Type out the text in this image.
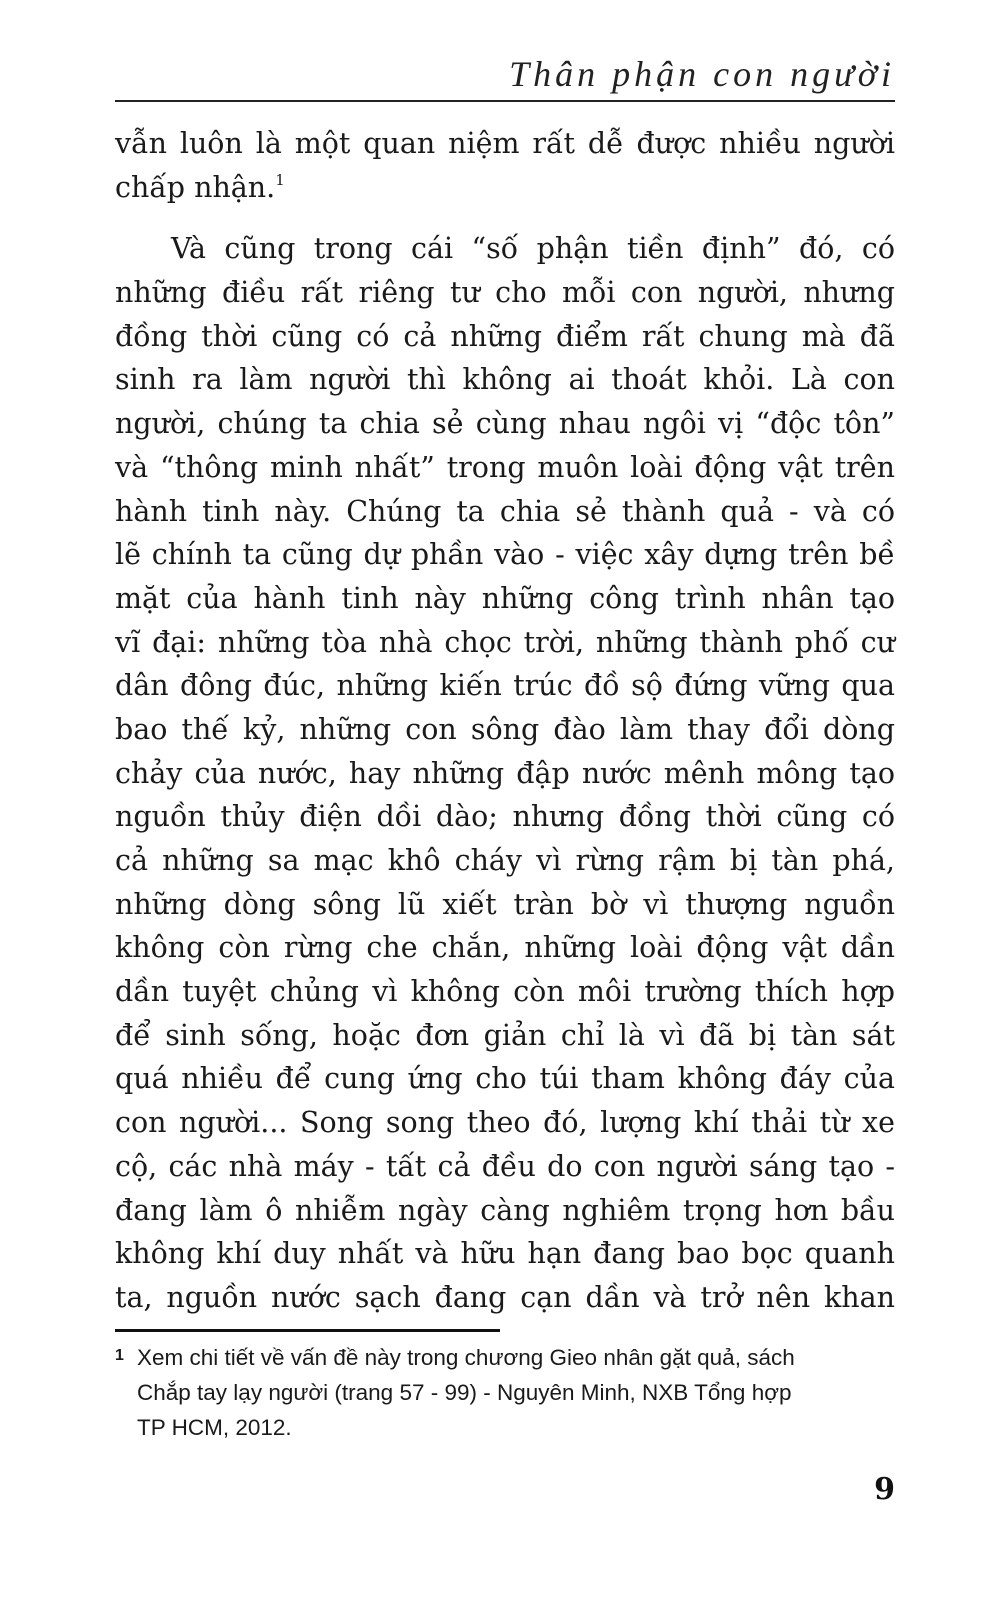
Thân phận con người
vẫn luôn là một quan niệm rất dễ được nhiều người
chấp nhận.$^1$
Và cũng trong cái “số phận tiền định” đó, có
những điều rất riêng tư cho mỗi con người, nhưng
đồng thời cũng có cả những điểm rất chung mà đã
sinh ra làm người thì không ai thoát khỏi. Là con
người, chúng ta chia sẻ cùng nhau ngôi vị “độc tôn”
và “thông minh nhất” trong muôn loài động vật trên
hành tinh này. Chúng ta chia sẻ thành quả - và có
lẽ chính ta cũng dự phần vào - việc xây dựng trên bề
mặt của hành tinh này những công trình nhân tạo
vĩ đại: những tòa nhà chọc trời, những thành phố cư
dân đông đúc, những kiến trúc đồ sộ đứng vững qua
bao thế kỷ, những con sông đào làm thay đổi dòng
chảy của nước, hay những đập nước mênh mông tạo
nguồn thủy điện dồi dào; nhưng đồng thời cũng có
cả những sa mạc khô cháy vì rừng rậm bị tàn phá,
những dòng sông lũ xiết tràn bờ vì thượng nguồn
không còn rừng che chắn, những loài động vật dần
dần tuyệt chủng vì không còn môi trường thích hợp
để sinh sống, hoặc đơn giản chỉ là vì đã bị tàn sát
quá nhiều để cung ứng cho túi tham không đáy của
con người... Song song theo đó, lượng khí thải từ xe
cộ, các nhà máy - tất cả đều do con người sáng tạo -
đang làm ô nhiễm ngày càng nghiêm trọng hơn bầu
không khí duy nhất và hữu hạn đang bao bọc quanh
ta, nguồn nước sạch đang cạn dần và trở nên khan
1 Xem chi tiết về vấn đề này trong chương Gieo nhân gặt quả, sách
Chắp tay lạy người (trang 57 - 99) - Nguyên Minh, NXB Tổng hợp
TP HCM, 2012.
9
